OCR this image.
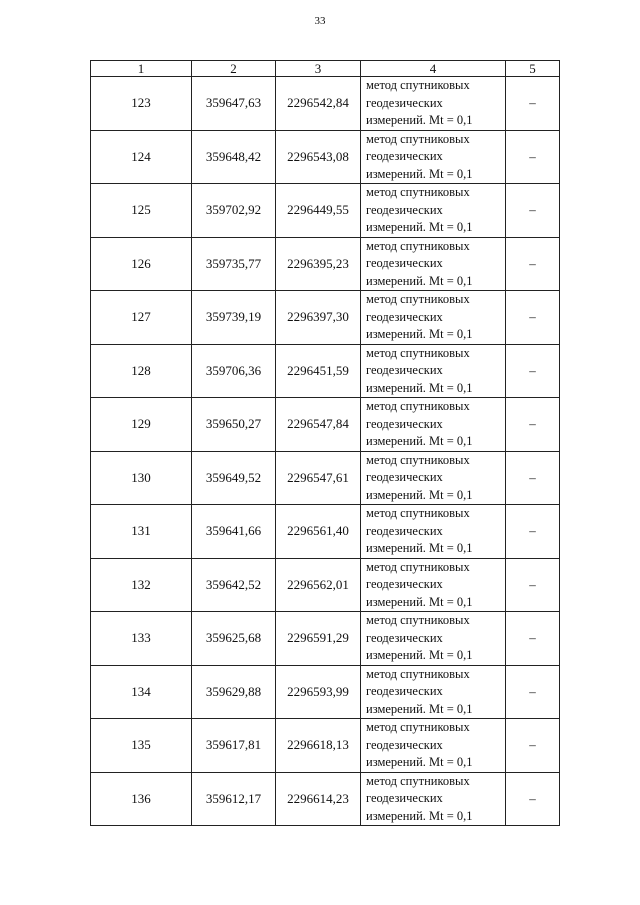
33
1	2	3	4	5
123	359647,63	2296542,84	метод спутниковых
геодезических
измерений. Mt = 0,1	–
124	359648,42	2296543,08	метод спутниковых
геодезических
измерений. Mt = 0,1	–
125	359702,92	2296449,55	метод спутниковых
геодезических
измерений. Mt = 0,1	–
126	359735,77	2296395,23	метод спутниковых
геодезических
измерений. Mt = 0,1	–
127	359739,19	2296397,30	метод спутниковых
геодезических
измерений. Mt = 0,1	–
128	359706,36	2296451,59	метод спутниковых
геодезических
измерений. Mt = 0,1	–
129	359650,27	2296547,84	метод спутниковых
геодезических
измерений. Mt = 0,1	–
130	359649,52	2296547,61	метод спутниковых
геодезических
измерений. Mt = 0,1	–
131	359641,66	2296561,40	метод спутниковых
геодезических
измерений. Mt = 0,1	–
132	359642,52	2296562,01	метод спутниковых
геодезических
измерений. Mt = 0,1	–
133	359625,68	2296591,29	метод спутниковых
геодезических
измерений. Mt = 0,1	–
134	359629,88	2296593,99	метод спутниковых
геодезических
измерений. Mt = 0,1	–
135	359617,81	2296618,13	метод спутниковых
геодезических
измерений. Mt = 0,1	–
136	359612,17	2296614,23	метод спутниковых
геодезических
измерений. Mt = 0,1	–
